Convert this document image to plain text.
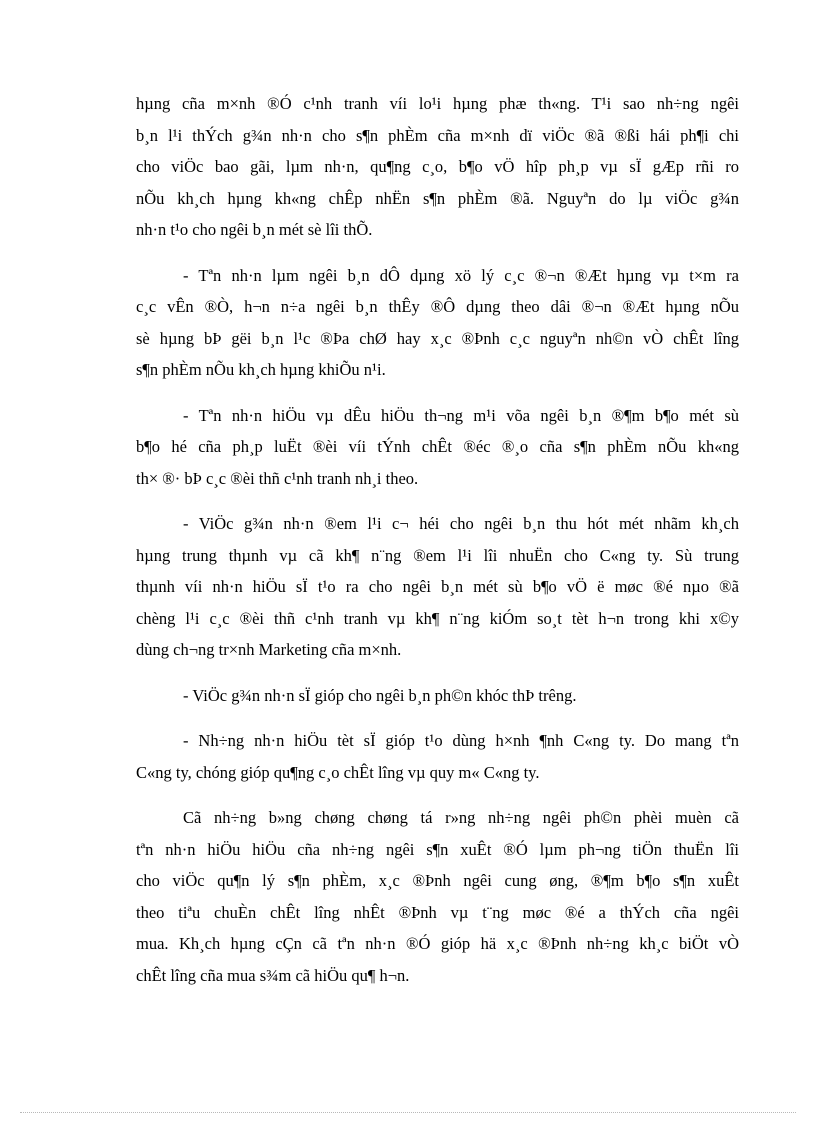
hµng cña m×nh ®Ó c¹nh tranh víi lo¹i hµng phæ th«ng. T¹i sao nh÷ng ngêi
b¸n l¹i thÝch g¾n nh·n cho s¶n phÈm cña m×nh dï viÖc ®ã ®ßi hái ph¶i chi
cho viÖc bao gãi, lµm nh·n, qu¶ng c¸o, b¶o vÖ hîp ph¸p vµ sÏ gÆp rñi ro
nÕu kh¸ch hµng kh«ng chÊp nhËn s¶n phÈm ®ã. Nguyªn do lµ viÖc g¾n
nh·n t¹o cho ngêi b¸n mét sè lîi thÕ.
- Tªn nh·n lµm ngêi b¸n dÔ dµng xö lý c¸c ®¬n ®Æt hµng vµ t×m ra
c¸c vÊn ®Ò, h¬n n÷a ngêi b¸n thÊy ®Ô dµng theo dâi ®¬n ®Æt hµng nÕu
sè hµng bÞ gëi b¸n l¹c ®Þa chØ hay x¸c ®Þnh c¸c nguyªn nh©n vÒ chÊt lîng
s¶n phÈm nÕu kh¸ch hµng khiÕu n¹i.
- Tªn nh·n hiÖu vµ dÊu hiÖu th¬ng m¹i võa ngêi b¸n ®¶m b¶o mét sù
b¶o hé cña ph¸p luËt ®èi víi tÝnh chÊt ®éc ®¸o cña s¶n phÈm nÕu kh«ng
th× ®· bÞ c¸c ®èi thñ c¹nh tranh nh¸i theo.
- ViÖc g¾n nh·n ®em l¹i c¬ héi cho ngêi b¸n thu hót mét nhãm kh¸ch
hµng trung thµnh vµ cã kh¶ n¨ng ®em l¹i lîi nhuËn cho C«ng ty. Sù trung
thµnh víi nh·n hiÖu sÏ t¹o ra cho ngêi b¸n mét sù b¶o vÖ ë møc ®é nµo ®ã
chèng l¹i c¸c ®èi thñ c¹nh tranh vµ kh¶ n¨ng kiÓm so¸t tèt h¬n trong khi x©y
dùng ch¬ng tr×nh Marketing cña m×nh.
- ViÖc g¾n nh·n sÏ gióp cho ngêi b¸n ph©n khóc thÞ trêng.
- Nh÷ng nh·n hiÖu tèt sÏ gióp t¹o dùng h×nh ¶nh C«ng ty. Do mang tªn
C«ng ty, chóng gióp qu¶ng c¸o chÊt lîng vµ quy m« C«ng ty.
Cã nh÷ng b»ng chøng chøng tá r»ng nh÷ng ngêi ph©n phèi muèn cã
tªn nh·n hiÖu hiÖu cña nh÷ng ngêi s¶n xuÊt ®Ó lµm ph¬ng tiÖn thuËn lîi
cho viÖc qu¶n lý s¶n phÈm, x¸c ®Þnh ngêi cung øng, ®¶m b¶o s¶n xuÊt
theo tiªu chuÈn chÊt lîng nhÊt ®Þnh vµ t¨ng møc ®é a thÝch cña ngêi
mua. Kh¸ch hµng cÇn cã tªn nh·n ®Ó gióp hä x¸c ®Þnh nh÷ng kh¸c biÖt vÒ
chÊt lîng cña mua s¾m cã hiÖu qu¶ h¬n.
